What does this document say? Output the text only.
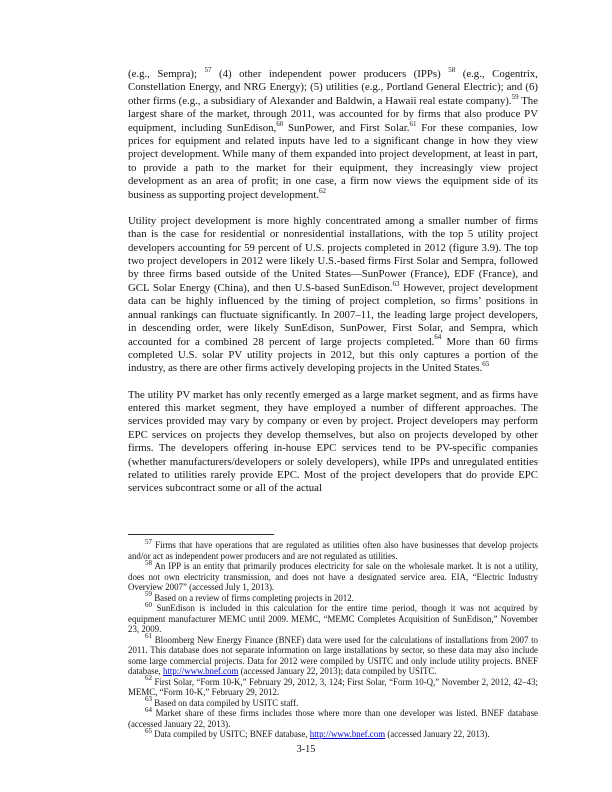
(e.g., Sempra); $^{57}$ (4) other independent power producers (IPPs) $^{58}$ (e.g., Cogentrix, Constellation Energy, and NRG Energy); (5) utilities (e.g., Portland General Electric); and (6) other firms (e.g., a subsidiary of Alexander and Baldwin, a Hawaii real estate company).$^{59}$ The largest share of the market, through 2011, was accounted for by firms that also produce PV equipment, including SunEdison,$^{60}$ SunPower, and First Solar.$^{61}$ For these companies, low prices for equipment and related inputs have led to a significant change in how they view project development. While many of them expanded into project development, at least in part, to provide a path to the market for their equipment, they increasingly view project development as an area of profit; in one case, a firm now views the equipment side of its business as supporting project development.$^{62}$

Utility project development is more highly concentrated among a smaller number of firms than is the case for residential or nonresidential installations, with the top 5 utility project developers accounting for 59 percent of U.S. projects completed in 2012 (figure 3.9). The top two project developers in 2012 were likely U.S.-based firms First Solar and Sempra, followed by three firms based outside of the United States—SunPower (France), EDF (France), and GCL Solar Energy (China), and then U.S-based SunEdison.$^{63}$ However, project development data can be highly influenced by the timing of project completion, so firms’ positions in annual rankings can fluctuate significantly. In 2007–11, the leading large project developers, in descending order, were likely SunEdison, SunPower, First Solar, and Sempra, which accounted for a combined 28 percent of large projects completed.$^{64}$ More than 60 firms completed U.S. solar PV utility projects in 2012, but this only captures a portion of the industry, as there are other firms actively developing projects in the United States.$^{65}$

The utility PV market has only recently emerged as a large market segment, and as firms have entered this market segment, they have employed a number of different approaches. The services provided may vary by company or even by project. Project developers may perform EPC services on projects they develop themselves, but also on projects developed by other firms. The developers offering in-house EPC services tend to be PV-specific companies (whether manufacturers/developers or solely developers), while IPPs and unregulated entities related to utilities rarely provide EPC. Most of the project developers that do provide EPC services subcontract some or all of the actual

$^{57}$ Firms that have operations that are regulated as utilities often also have businesses that develop projects and/or act as independent power producers and are not regulated as utilities.

$^{58}$ An IPP is an entity that primarily produces electricity for sale on the wholesale market. It is not a utility, does not own electricity transmission, and does not have a designated service area. EIA, “Electric Industry Overview 2007” (accessed July 1, 2013).

$^{59}$ Based on a review of firms completing projects in 2012.

$^{60}$ SunEdison is included in this calculation for the entire time period, though it was not acquired by equipment manufacturer MEMC until 2009. MEMC, “MEMC Completes Acquisition of SunEdison,” November 23, 2009.

$^{61}$ Bloomberg New Energy Finance (BNEF) data were used for the calculations of installations from 2007 to 2011. This database does not separate information on large installations by sector, so these data may also include some large commercial projects. Data for 2012 were compiled by USITC and only include utility projects. BNEF database, http://www.bnef.com (accessed January 22, 2013); data compiled by USITC.

$^{62}$ First Solar, “Form 10-K,” February 29, 2012, 3, 124; First Solar, “Form 10-Q,” November 2, 2012, 42–43; MEMC, “Form 10-K,” February 29, 2012.

$^{63}$ Based on data compiled by USITC staff.

$^{64}$ Market share of these firms includes those where more than one developer was listed. BNEF database (accessed January 22, 2013).

$^{65}$ Data compiled by USITC; BNEF database, http://www.bnef.com (accessed January 22, 2013).

3-15
